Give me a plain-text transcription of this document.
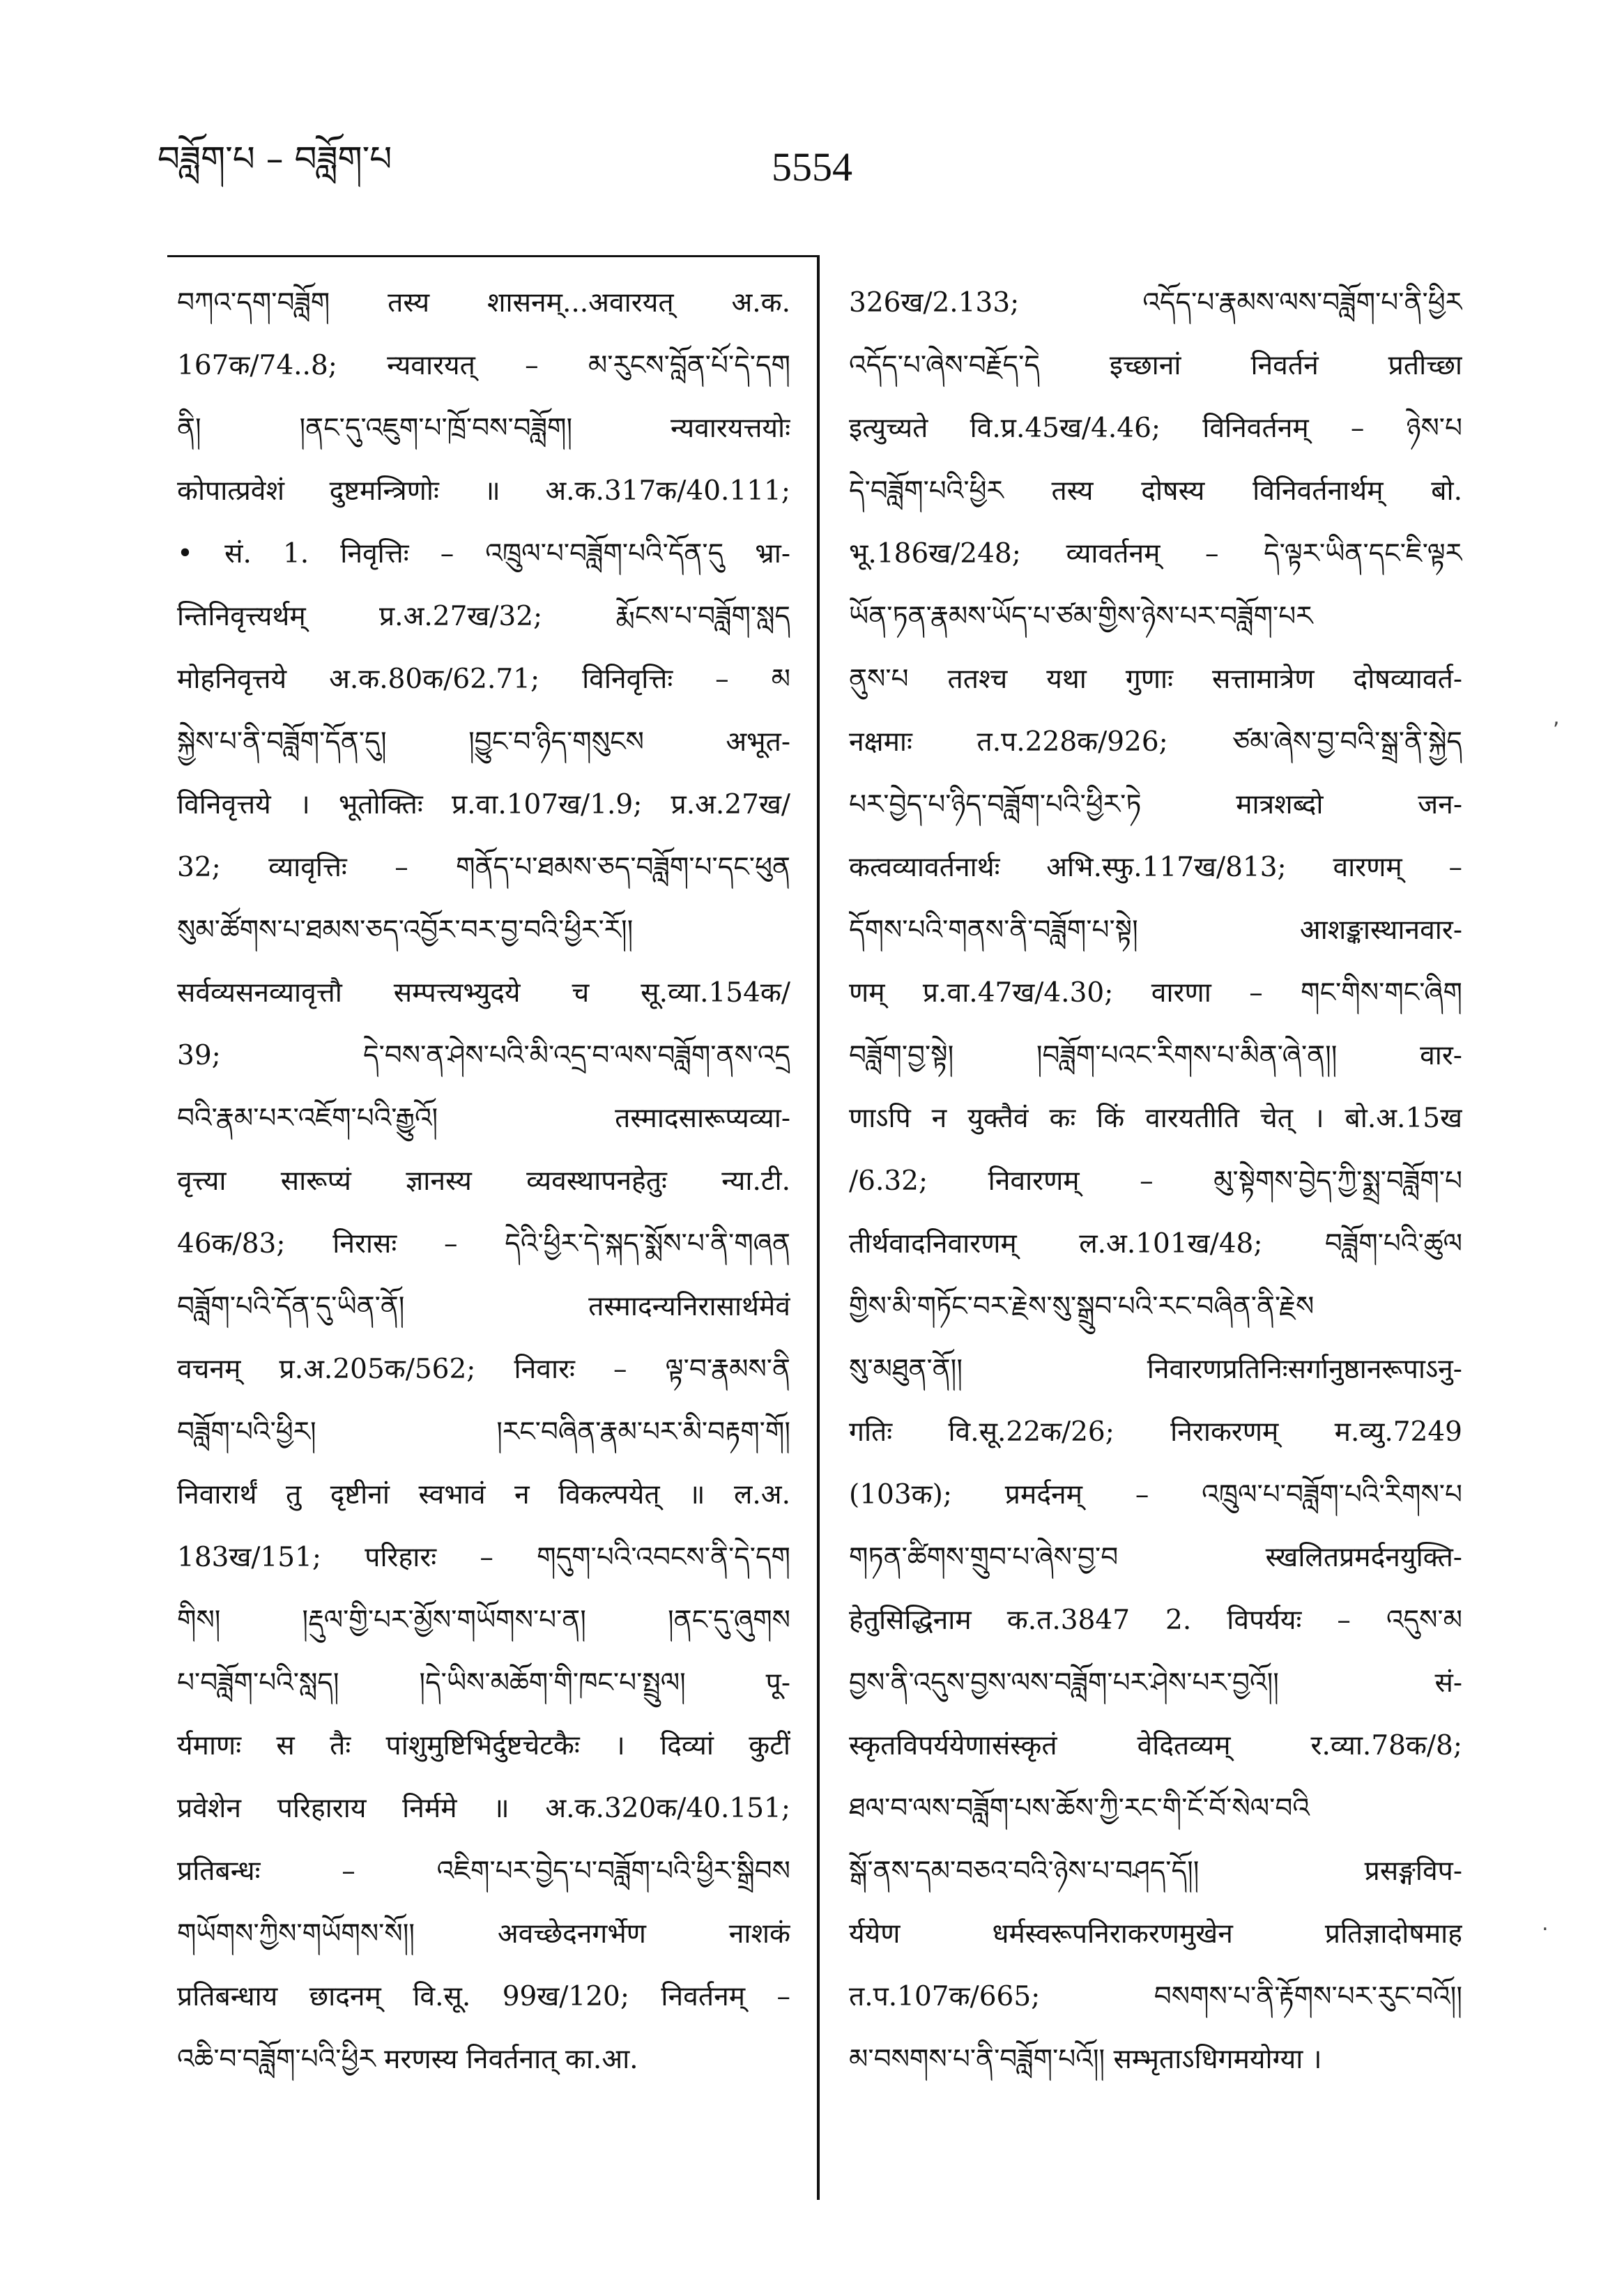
བཟློག་པ – བཟློག་པ	5554
བཀའ་དག་བཟློག तस्य शासनम्...अवारयत् अ.क.
167क/74..8; न्यवारयत् – མ་རུངས་བློན་པོ་དེ་དག
ནི། །ནང་དུ་འཇུག་པ་ཁྲོ་བས་བཟློག། न्यवारयत्तयोः
कोपात्प्रवेशं दुष्टमन्त्रिणोः ॥ अ.क.317क/40.111;
• सं. 1. निवृत्तिः – འཁྲུལ་པ་བཟློག་པའི་དོན་དུ भ्रा-
न्तिनिवृत्त्यर्थम् प्र.अ.27ख/32; རྨོངས་པ་བཟློག་སླད
मोहनिवृत्तये अ.क.80क/62.71; विनिवृत्तिः – མ
སྐྱེས་པ་ནི་བཟློག་དོན་དུ། །བྱུང་བ་ཉིད་གསུངས अभूत-
विनिवृत्तये । भूतोक्तिः प्र.वा.107ख/1.9; प्र.अ.27ख/
32; व्यावृत्तिः – གནོད་པ་ཐམས་ཅད་བཟློག་པ་དང་ཕུན
སུམ་ཚོགས་པ་ཐམས་ཅད་འབྱོར་བར་བྱ་བའི་ཕྱིར་རོ།།
सर्वव्यसनव्यावृत्तौ सम्पत्त्यभ्युदये च सू.व्या.154क/
39; དེ་བས་ན་ཤེས་པའི་མི་འདྲ་བ་ལས་བཟློག་ནས་འདྲ
བའི་རྣམ་པར་འཇོག་པའི་རྒྱུའོ། तस्मादसारूप्यव्या-
वृत्त्या सारूप्यं ज्ञानस्य व्यवस्थापनहेतुः न्या.टी.
46क/83; निरासः – དེའི་ཕྱིར་དེ་སྐད་སྨོས་པ་ནི་གཞན
བཟློག་པའི་དོན་དུ་ཡིན་ནོ། तस्मादन्यनिरासार्थमेवं
वचनम् प्र.अ.205क/562; निवारः – ལྟ་བ་རྣམས་ནི
བཟློག་པའི་ཕྱིར། །རང་བཞིན་རྣམ་པར་མི་བརྟག་གོ།
निवारार्थं तु दृष्टीनां स्वभावं न विकल्पयेत् ॥ ल.अ.
183ख/151; परिहारः – གདུག་པའི་འབངས་ནི་དེ་དག
གིས། །རྡུལ་གྱི་པར་མྱོས་གཡོགས་པ་ན། །ནང་དུ་ཞུགས
པ་བཟློག་པའི་སླད། །དེ་ཡིས་མཆོག་གི་ཁང་པ་སྤྲུལ། पू-
र्यमाणः स तैः पांशुमुष्टिभिर्दुष्टचेटकैः । दिव्यां कुटीं
प्रवेशेन परिहाराय निर्ममे ॥ अ.क.320क/40.151;
प्रतिबन्धः – འཇིག་པར་བྱེད་པ་བཟློག་པའི་ཕྱིར་སྒྲིབས
གཡོགས་ཀྱིས་གཡོགས་སོ།། अवच्छेदनगर्भेण नाशकं
प्रतिबन्धाय छादनम् वि.सू. 99ख/120; निवर्तनम् –
འཆི་བ་བཟློག་པའི་ཕྱིར मरणस्य निवर्तनात् का.आ.
326ख/2.133; འདོད་པ་རྣམས་ལས་བཟློག་པ་ནི་ཕྱིར
འདོད་པ་ཞེས་བརྗོད་དེ इच्छानां निवर्तनं प्रतीच्छा
इत्युच्यते वि.प्र.45ख/4.46; विनिवर्तनम् – ཉེས་པ
དེ་བཟློག་པའི་ཕྱིར तस्य दोषस्य विनिवर्तनार्थम् बो.
भू.186ख/248; व्यावर्तनम् – དེ་ལྟར་ཡིན་དང་ཇི་ལྟར
ཡོན་ཏན་རྣམས་ཡོད་པ་ཙམ་གྱིས་ཉེས་པར་བཟློག་པར
ནུས་པ ततश्च यथा गुणाः सत्तामात्रेण दोषव्यावर्त-
नक्षमाः त.प.228क/926; ཙམ་ཞེས་བྱ་བའི་སྒྲ་ནི་སྐྱེད
པར་བྱེད་པ་ཉིད་བཟློག་པའི་ཕྱིར་ཏེ मात्रशब्दो जन-
कत्वव्यावर्तनार्थः अभि.स्फु.117ख/813; वारणम् –
དོགས་པའི་གནས་ནི་བཟློག་པ་སྟེ། आशङ्कास्थानवार-
णम् प्र.वा.47ख/4.30; वारणा – གང་གིས་གང་ཞིག
བཟློག་བྱ་སྟེ། །བཟློག་པའང་རིགས་པ་མིན་ཞེ་ན།། वार-
णाऽपि न युक्तैवं कः किं वारयतीति चेत् । बो.अ.15ख
/6.32; निवारणम् – མུ་སྟེགས་བྱེད་ཀྱི་སྨྲ་བཟློག་པ
तीर्थवादनिवारणम् ल.अ.101ख/48; བཟློག་པའི་ཚུལ
གྱིས་མི་གཏོང་བར་རྗེས་སུ་སྒྲུབ་པའི་རང་བཞིན་ནི་རྗེས
སུ་མཐུན་ནོ།། निवारणप्रतिनिःसर्गानुष्ठानरूपाऽनु-
गतिः वि.सू.22क/26; निराकरणम् म.व्यु.7249
(103क); प्रमर्दनम् – འཁྲུལ་པ་བཟློག་པའི་རིགས་པ
གཏན་ཚིགས་གྲུབ་པ་ཞེས་བྱ་བ स्खलितप्रमर्दनयुक्ति-
हेतुसिद्धिनाम क.त.3847 2. विपर्ययः – འདུས་མ
བྱས་ནི་འདུས་བྱས་ལས་བཟློག་པར་ཤེས་པར་བྱའོ།། सं-
स्कृतविपर्ययेणासंस्कृतं वेदितव्यम् र.व्या.78क/8;
ཐལ་བ་ལས་བཟློག་པས་ཆོས་ཀྱི་རང་གི་ངོ་བོ་སེལ་བའི
སྒོ་ནས་དམ་བཅའ་བའི་ཉེས་པ་བཤད་དོ།། प्रसङ्गविप-
र्ययेण धर्मस्वरूपनिराकरणमुखेन प्रतिज्ञादोषमाह
त.प.107क/665; བསགས་པ་ནི་རྟོགས་པར་རུང་བའོ།།
མ་བསགས་པ་ནི་བཟློག་པའོ།། सम्भृताऽधिगमयोग्या ।
,
.
